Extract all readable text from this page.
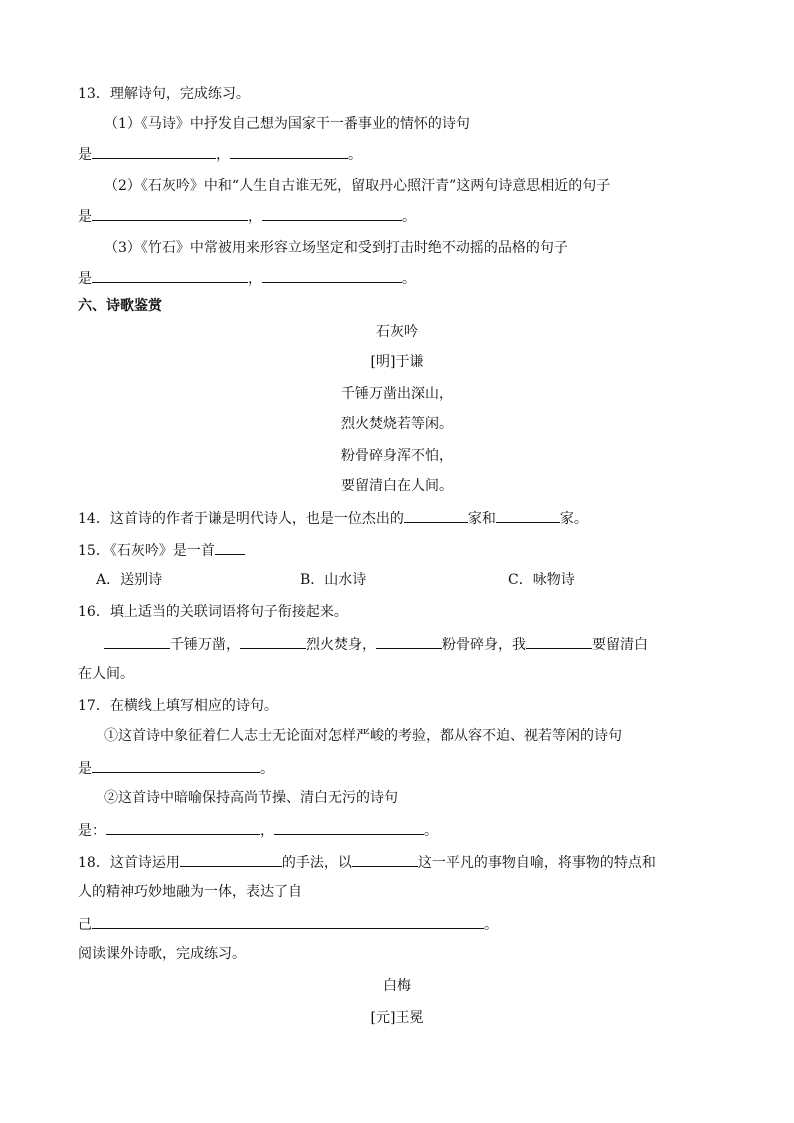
13．理解诗句，完成练习。
（1）《马诗》中抒发自己想为国家干一番事业的情怀的诗句
是	，	。
（2）《石灰吟》中和“人生自古谁无死，留取丹心照汗青”这两句诗意思相近的句子
是	，	。
（3）《竹石》中常被用来形容立场坚定和受到打击时绝不动摇的品格的句子
是	，	。
六、诗歌鉴赏
石灰吟
[明]于谦
千锤万凿出深山，
烈火焚烧若等闲。
粉骨碎身浑不怕，
要留清白在人间。
14．这首诗的作者于谦是明代诗人，也是一位杰出的	家和	家。
15．《石灰吟》是一首
A．送别诗	B．山水诗	C．咏物诗
16．填上适当的关联词语将句子衔接起来。
千锤万凿，	烈火焚身，	粉骨碎身，我	要留清白
在人间。
17．在横线上填写相应的诗句。
①这首诗中象征着仁人志士无论面对怎样严峻的考验，都从容不迫、视若等闲的诗句
是	。
②这首诗中暗喻保持高尚节操、清白无污的诗句
是：	，	。
18．这首诗运用	的手法，以	这一平凡的事物自喻，将事物的特点和
人的精神巧妙地融为一体，表达了自
己	。
阅读课外诗歌，完成练习。
白梅
[元]王冕
